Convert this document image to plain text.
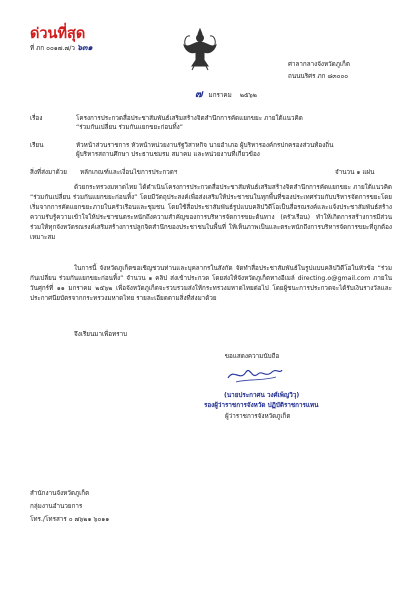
ด่วนที่สุด
ที่ ภก ๐๐๑๗.๗/ว ๖๓๑
ศาลากลางจังหวัดภูเก็ต
ถนนนริศร ภก ๘๓๐๐๐
๗ มกราคม ๒๕๖๒
เรื่อง	โครงการประกวดสื่อประชาสัมพันธ์เสริมสร้างจิตสำนึกการคัดแยกขยะ ภายใต้แนวคิด
“ร่วมกันเปลี่ยน ร่วมกันแยกขยะก่อนทิ้ง”
เรียน	หัวหน้าส่วนราชการ หัวหน้าหน่วยงานรัฐวิสาหกิจ นายอำเภอ ผู้บริหารองค์กรปกครองส่วนท้องถิ่น
ผู้บริหารสถานศึกษา ประธานชมรม สมาคม และหน่วยงานที่เกี่ยวข้อง
สิ่งที่ส่งมาด้วย หลักเกณฑ์และเงื่อนไขการประกวดฯ	จำนวน ๑ แผ่น
ด้วยกระทรวงมหาดไทย ได้ดำเนินโครงการประกวดสื่อประชาสัมพันธ์เสริมสร้างจิตสำนึกการคัดแยกขยะ ภายใต้แนวคิด “ร่วมกันเปลี่ยน ร่วมกันแยกขยะก่อนทิ้ง” โดยมีวัตถุประสงค์เพื่อส่งเสริมให้ประชาชนในทุกพื้นที่ของประเทศร่วมกับบริหารจัดการขยะโดยเริ่มจากการคัดแยกขยะภายในครัวเรือนและชุมชน โดยใช้สื่อประชาสัมพันธ์รูปแบบคลิปวิดีโอเป็นสื่อรณรงค์และแจ้งประชาสัมพันธ์สร้างความรับรู้ความเข้าใจให้ประชาชนตระหนักถึงความสำคัญของการบริหารจัดการขยะต้นทาง (ครัวเรือน) ทำให้เกิดการสร้างการมีส่วนร่วมให้ทุกจังหวัดรณรงค์เสริมสร้างการปลูกจิตสำนึกของประชาชนในพื้นที่ ให้เห็นภาพเป็นและตระหนักถึงการบริหารจัดการขยะที่ถูกต้องเหมาะสม
ในการนี้ จังหวัดภูเก็ตขอเชิญชวนท่านและบุคลากรในสังกัด จัดทำสื่อประชาสัมพันธ์ในรูปแบบคลิปวิดีโอในหัวข้อ “ร่วมกันเปลี่ยน ร่วมกันแยกขยะก่อนทิ้ง” จำนวน ๑ คลิป ส่งเข้าประกวด โดยส่งให้จังหวัดภูเก็ตทางอีเมล์ directing.o@gmail.com ภายในวันศุกร์ที่ ๑๑ มกราคม ๒๕๖๒ เพื่อจังหวัดภูเก็ตจะรวบรวมส่งให้กระทรวงมหาดไทยต่อไป โดยผู้ชนะการประกวดจะได้รับเงินรางวัลและประกาศนียบัตรจากกระทรวงมหาดไทย รายละเอียดตามสิ่งที่ส่งมาด้วย
จึงเรียนมาเพื่อทราบ
ขอแสดงความนับถือ
(นายประกาศน วงศ์เพ็ญวิวุ)
รองผู้ว่าราชการจังหวัด ปฏิบัติราชการแทน
ผู้ว่าราชการจังหวัดภูเก็ต
สำนักงานจังหวัดภูเก็ต
กลุ่มงานอำนวยการ
โทร./โทรสาร ๐ ๗๖๒๑ ๖๐๑๑
